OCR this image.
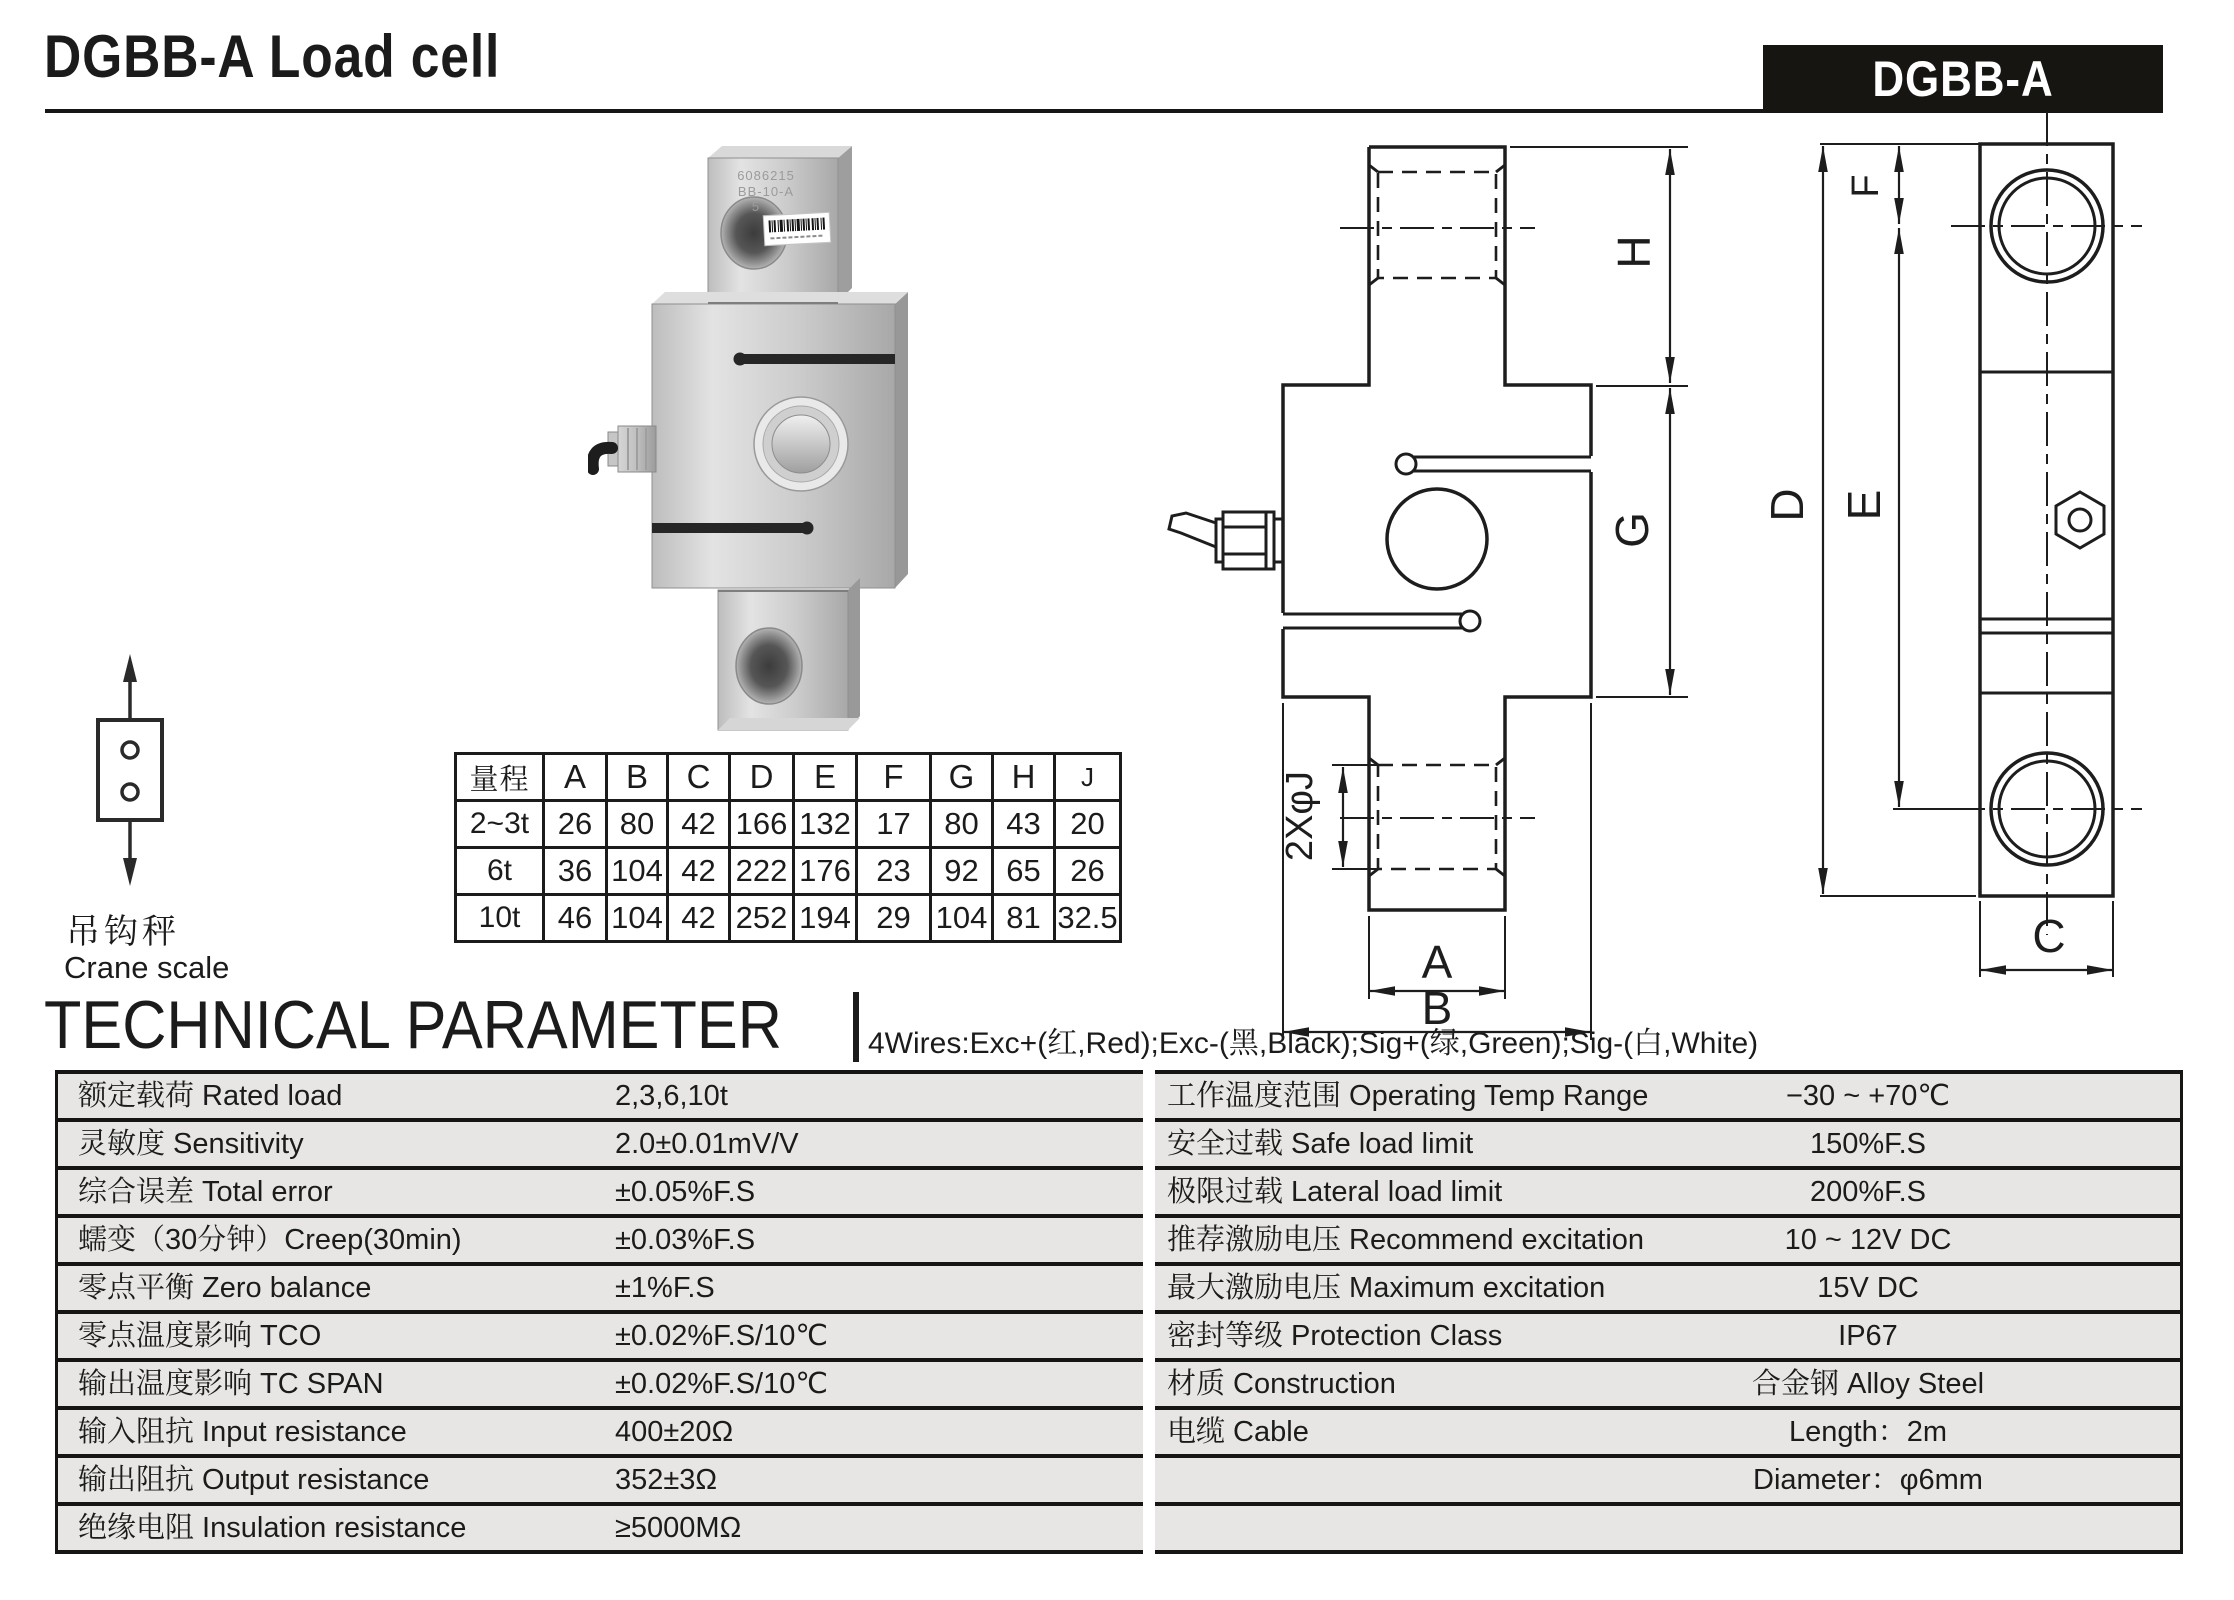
DGBB-A Load cell	DGBB-A
6086215
BB-10-A
5
吊钩秤
Crane scale
量程	A	B	C	D	E	F	G	H	J
2~3t	26	80	42	166	132	17	80	43	20
6t	36	104	42	222	176	23	92	65	26
10t	46	104	42	252	194	29	104	81	32.5
TECHNICAL PARAMETER	4Wires:Exc+(红,Red);Exc-(黑,Black);Sig+(绿,Green);Sig-(白,White)
额定载荷 Rated load	2,3,6,10t
灵敏度 Sensitivity	2.0±0.01mV/V
综合误差 Total error	±0.05%F.S
蠕变（30分钟）Creep(30min)	±0.03%F.S
零点平衡 Zero balance	±1%F.S
零点温度影响 TCO	±0.02%F.S/10℃
输出温度影响 TC SPAN	±0.02%F.S/10℃
输入阻抗 Input resistance	400±20Ω
输出阻抗 Output resistance	352±3Ω
绝缘电阻 Insulation resistance	≥5000MΩ
工作温度范围 Operating Temp Range	−30 ~ +70℃
安全过载 Safe load limit	150%F.S
极限过载 Lateral load limit	200%F.S
推荐激励电压 Recommend excitation	10 ~ 12V DC
最大激励电压 Maximum excitation	15V DC
密封等级 Protection Class	IP67
材质 Construction	合金钢 Alloy Steel
电缆 Cable	Length：2m
Diameter：φ6mm
H
G
2XφJ
A
B
D E
F
C
